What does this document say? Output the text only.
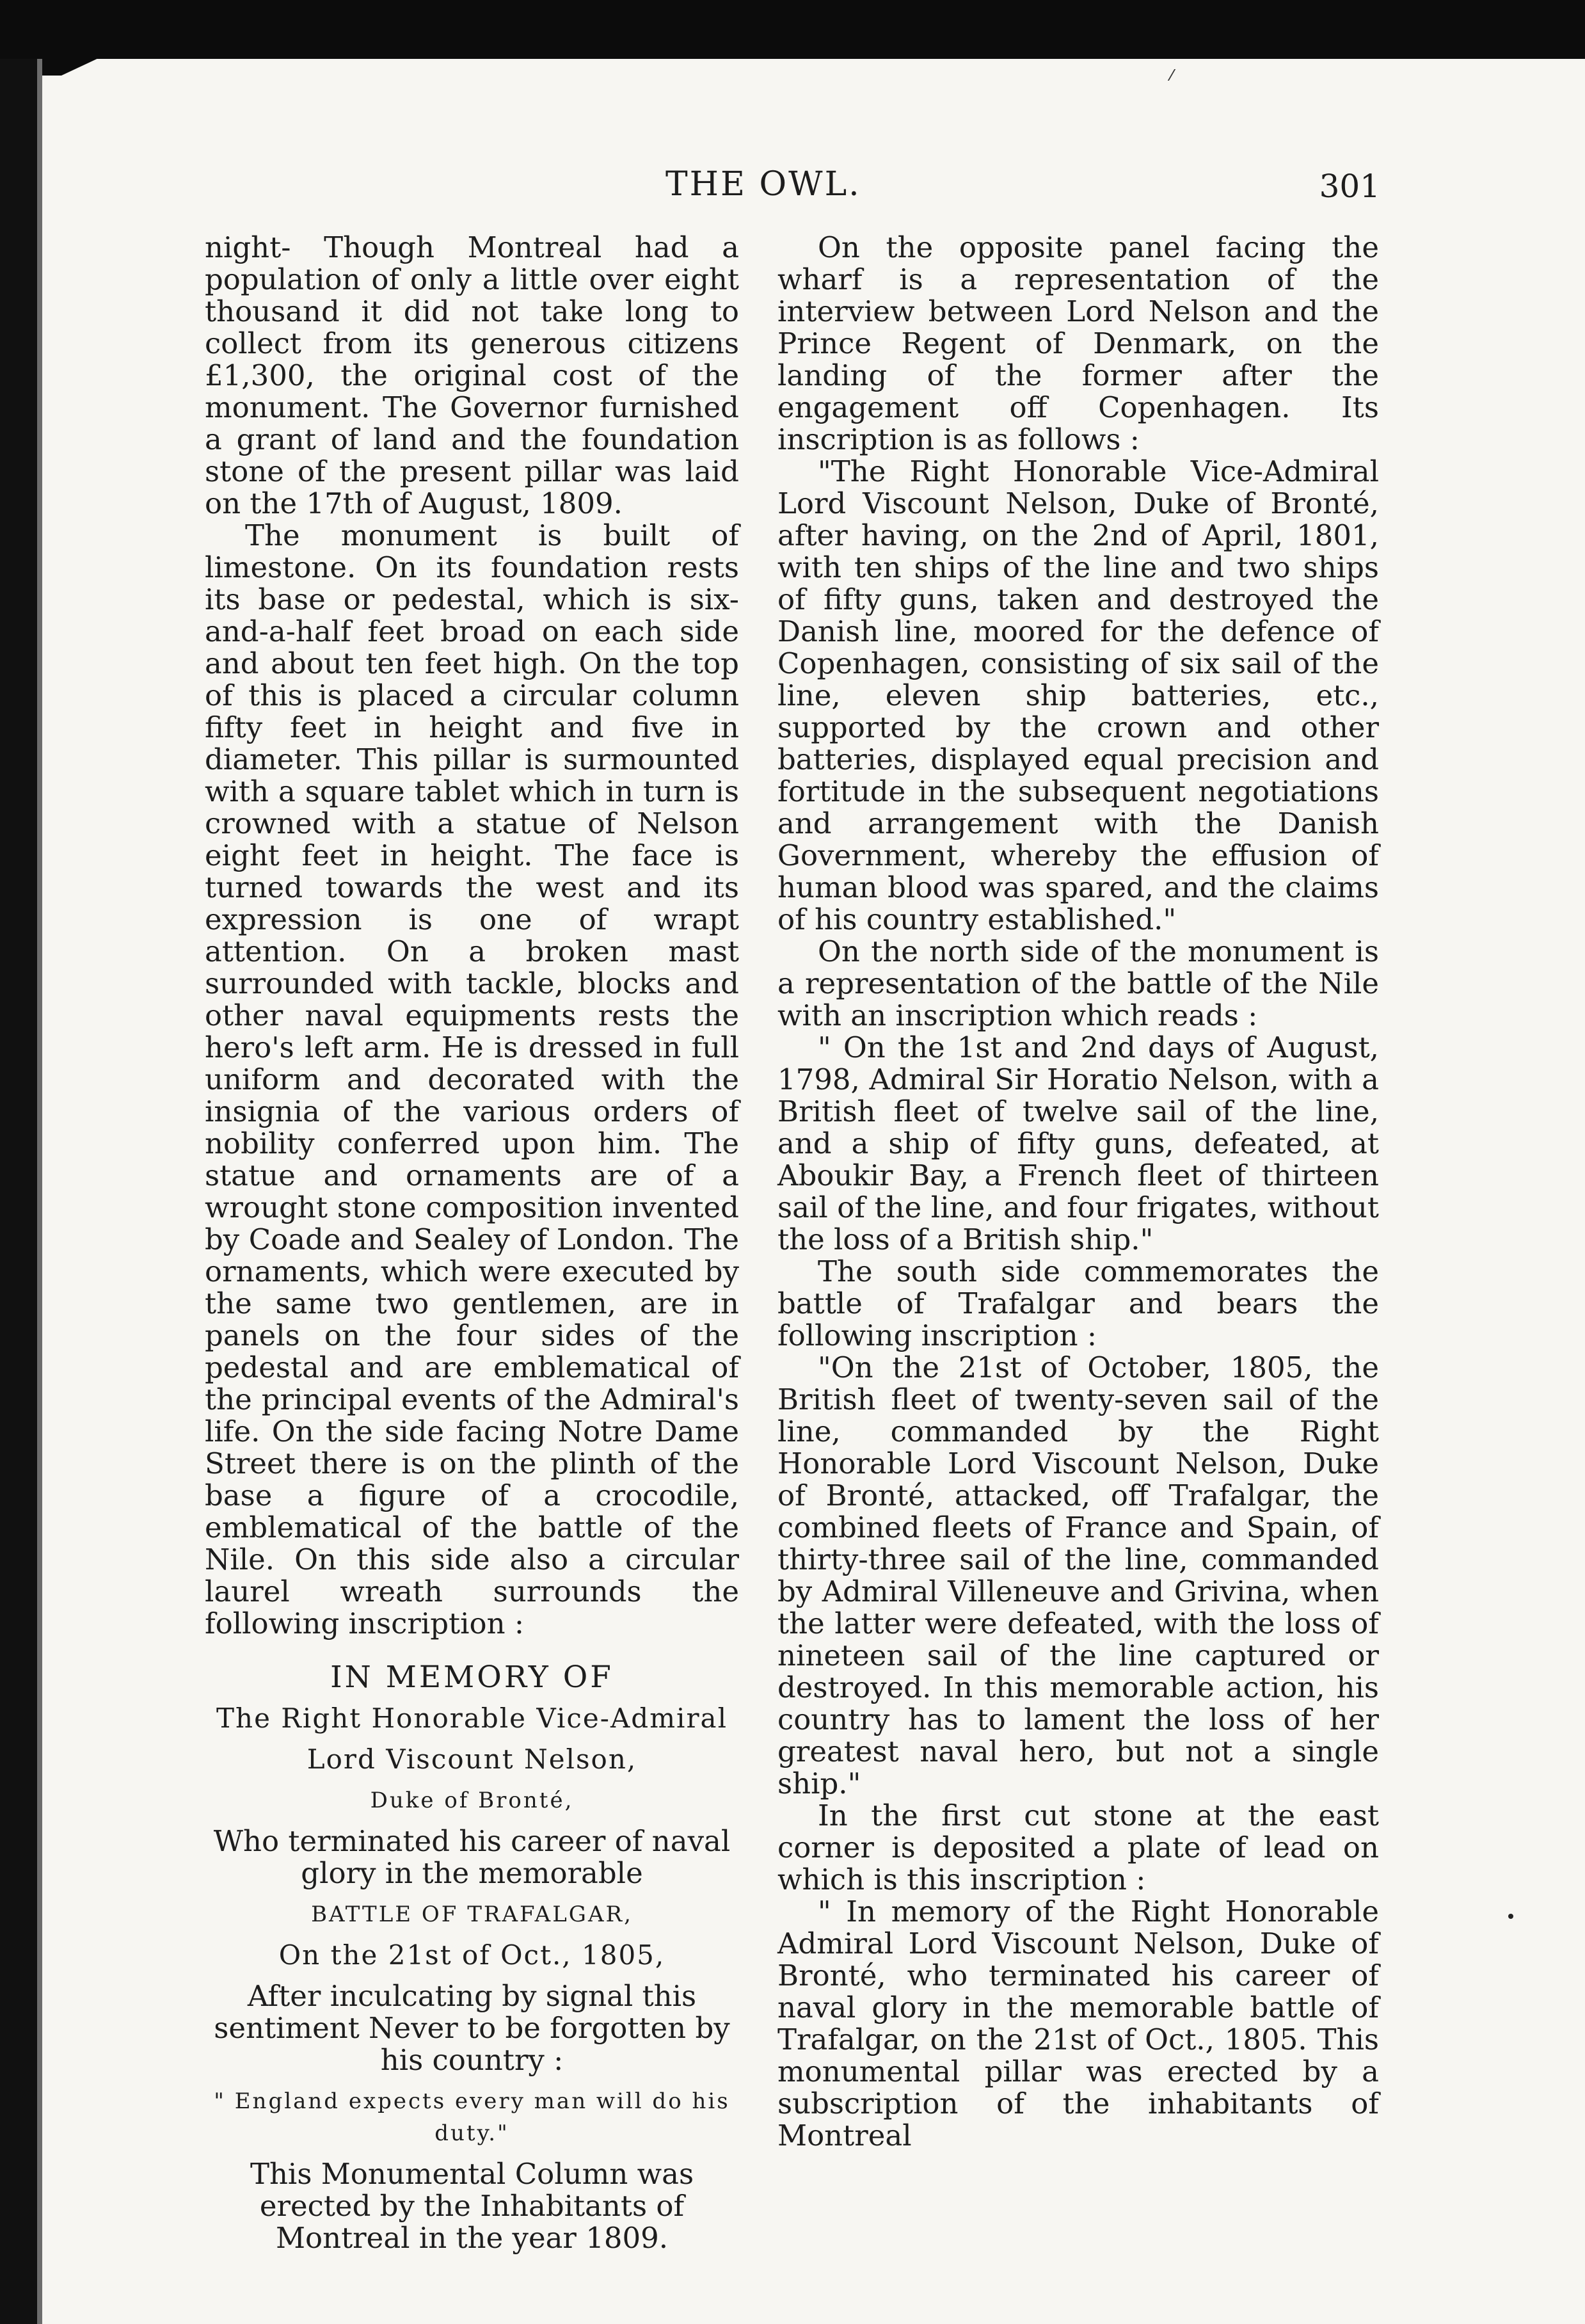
THE OWL.	301

night- Though Montreal had a population of only a little over eight thousand it did not take long to collect from its generous citizens £1,300, the original cost of the monument. The Governor furnished a grant of land and the foundation stone of the present pillar was laid on the 17th of August, 1809.

The monument is built of limestone. On its foundation rests its base or pedestal, which is six-and-a-half feet broad on each side and about ten feet high. On the top of this is placed a circular column fifty feet in height and five in diameter. This pillar is surmounted with a square tablet which in turn is crowned with a statue of Nelson eight feet in height. The face is turned towards the west and its expression is one of wrapt attention. On a broken mast surrounded with tackle, blocks and other naval equipments rests the hero's left arm. He is dressed in full uniform and decorated with the insignia of the various orders of nobility conferred upon him. The statue and ornaments are of a wrought stone composition invented by Coade and Sealey of London. The ornaments, which were executed by the same two gentlemen, are in panels on the four sides of the pedestal and are emblematical of the principal events of the Admiral's life. On the side facing Notre Dame Street there is on the plinth of the base a figure of a crocodile, emblematical of the battle of the Nile. On this side also a circular laurel wreath surrounds the following inscription :

IN MEMORY OF
The Right Honorable Vice-Admiral
Lord Viscount Nelson,
Duke of Bronté,
Who terminated his career of naval glory in the memorable
BATTLE OF TRAFALGAR,
On the 21st of Oct., 1805,
After inculcating by signal this sentiment Never to be forgotten by his country :
" England expects every man will do his duty."
This Monumental Column was erected by the Inhabitants of Montreal in the year 1809.

On the opposite panel facing the wharf is a representation of the interview between Lord Nelson and the Prince Regent of Denmark, on the landing of the former after the engagement off Copenhagen. Its inscription is as follows :

"The Right Honorable Vice-Admiral Lord Viscount Nelson, Duke of Bronté, after having, on the 2nd of April, 1801, with ten ships of the line and two ships of fifty guns, taken and destroyed the Danish line, moored for the defence of Copenhagen, consisting of six sail of the line, eleven ship batteries, etc., supported by the crown and other batteries, displayed equal precision and fortitude in the subsequent negotiations and arrangement with the Danish Government, whereby the effusion of human blood was spared, and the claims of his country established."

On the north side of the monument is a representation of the battle of the Nile with an inscription which reads :

" On the 1st and 2nd days of August, 1798, Admiral Sir Horatio Nelson, with a British fleet of twelve sail of the line, and a ship of fifty guns, defeated, at Aboukir Bay, a French fleet of thirteen sail of the line, and four frigates, without the loss of a British ship."

The south side commemorates the battle of Trafalgar and bears the following inscription :

"On the 21st of October, 1805, the British fleet of twenty-seven sail of the line, commanded by the Right Honorable Lord Viscount Nelson, Duke of Bronté, attacked, off Trafalgar, the combined fleets of France and Spain, of thirty-three sail of the line, commanded by Admiral Villeneuve and Grivina, when the latter were defeated, with the loss of nineteen sail of the line captured or destroyed. In this memorable action, his country has to lament the loss of her greatest naval hero, but not a single ship."

In the first cut stone at the east corner is deposited a plate of lead on which is this inscription :

" In memory of the Right Honorable Admiral Lord Viscount Nelson, Duke of Bronté, who terminated his career of naval glory in the memorable battle of Trafalgar, on the 21st of Oct., 1805. This monumental pillar was erected by a subscription of the inhabitants of Montreal
